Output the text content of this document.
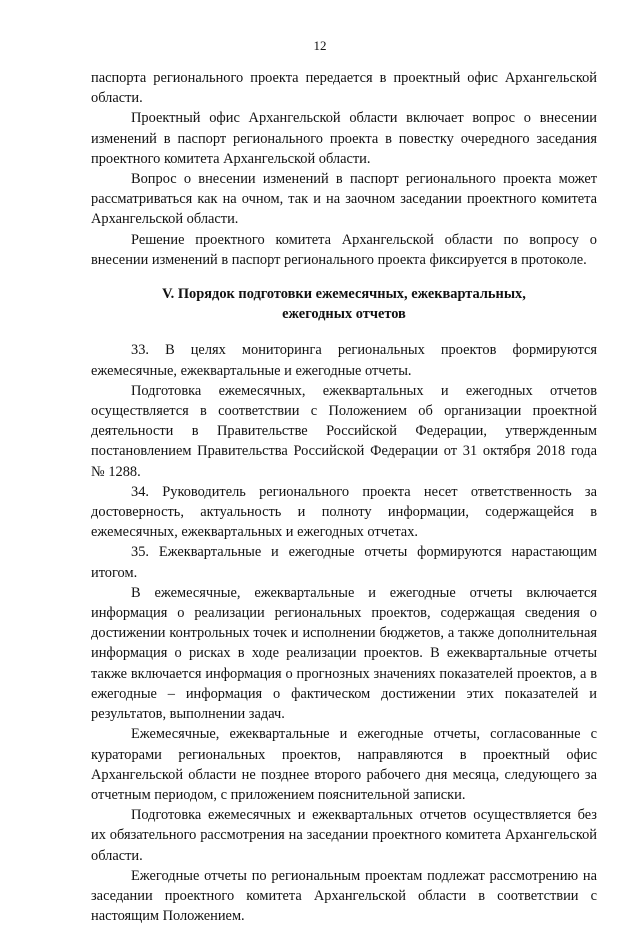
12

паспорта регионального проекта передается в проектный офис Архангельской области.

Проектный офис Архангельской области включает вопрос о внесении изменений в паспорт регионального проекта в повестку очередного заседания проектного комитета Архангельской области.

Вопрос о внесении изменений в паспорт регионального проекта может рассматриваться как на очном, так и на заочном заседании проектного комитета Архангельской области.

Решение проектного комитета Архангельской области по вопросу о внесении изменений в паспорт регионального проекта фиксируется в протоколе.

V. Порядок подготовки ежемесячных, ежеквартальных,
ежегодных отчетов

33. В целях мониторинга региональных проектов формируются ежемесячные, ежеквартальные и ежегодные отчеты.

Подготовка ежемесячных, ежеквартальных и ежегодных отчетов осуществляется в соответствии с Положением об организации проектной деятельности в Правительстве Российской Федерации, утвержденным постановлением Правительства Российской Федерации от 31 октября 2018 года № 1288.

34. Руководитель регионального проекта несет ответственность за достоверность, актуальность и полноту информации, содержащейся в ежемесячных, ежеквартальных и ежегодных отчетах.

35. Ежеквартальные и ежегодные отчеты формируются нарастающим итогом.

В ежемесячные, ежеквартальные и ежегодные отчеты включается информация о реализации региональных проектов, содержащая сведения о достижении контрольных точек и исполнении бюджетов, а также дополнительная информация о рисках в ходе реализации проектов. В ежеквартальные отчеты также включается информация о прогнозных значениях показателей проектов, а в ежегодные – информация о фактическом достижении этих показателей и результатов, выполнении задач.

Ежемесячные, ежеквартальные и ежегодные отчеты, согласованные с кураторами региональных проектов, направляются в проектный офис Архангельской области не позднее второго рабочего дня месяца, следующего за отчетным периодом, с приложением пояснительной записки.

Подготовка ежемесячных и ежеквартальных отчетов осуществляется без их обязательного рассмотрения на заседании проектного комитета Архангельской области.

Ежегодные отчеты по региональным проектам подлежат рассмотрению на заседании проектного комитета Архангельской области в соответствии с настоящим Положением.
